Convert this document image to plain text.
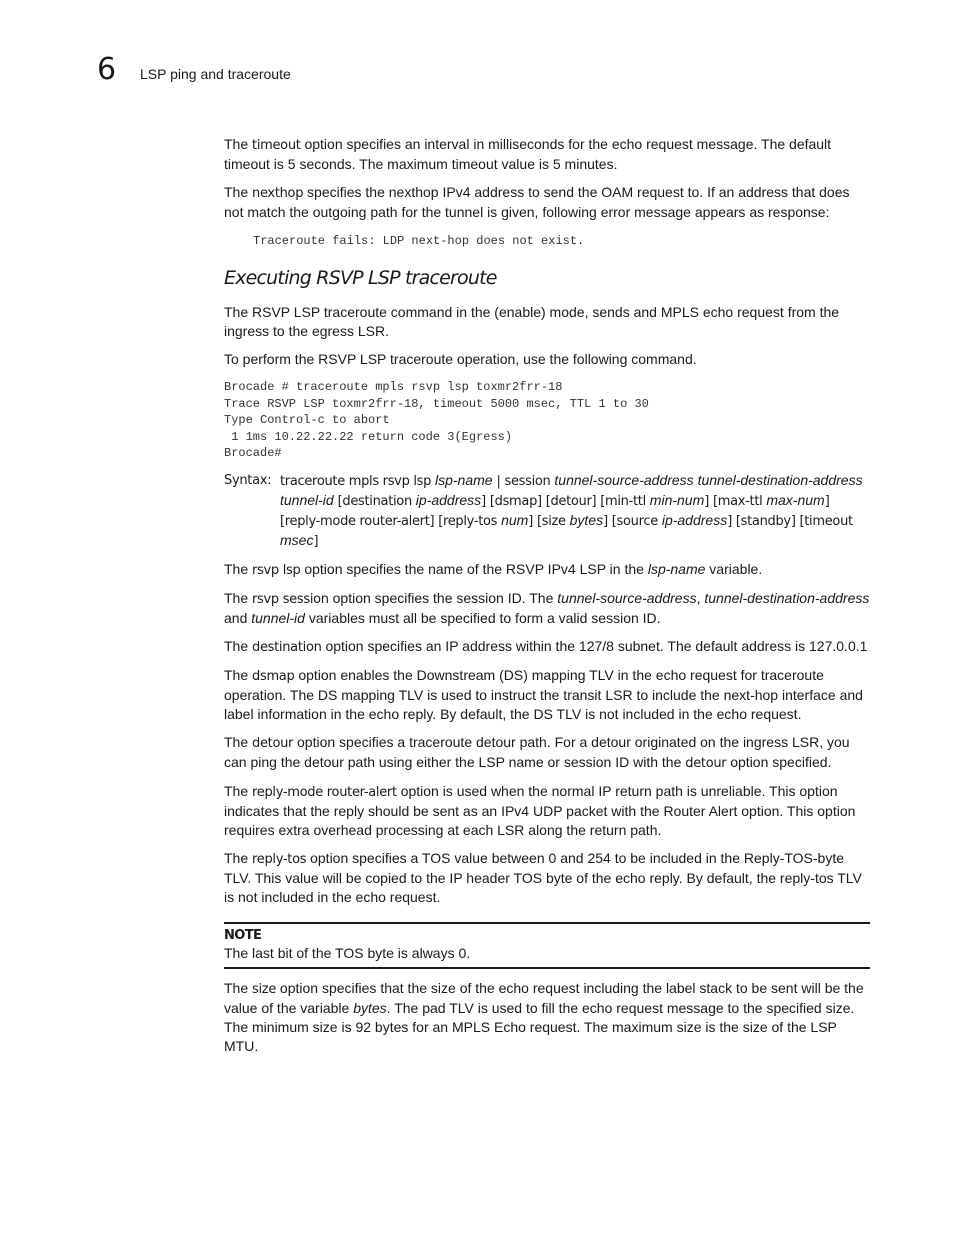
6 LSP ping and traceroute

The timeout option specifies an interval in milliseconds for the echo request message. The default timeout is 5 seconds. The maximum timeout value is 5 minutes.

The nexthop specifies the nexthop IPv4 address to send the OAM request to. If an address that does not match the outgoing path for the tunnel is given, following error message appears as response:

Traceroute fails: LDP next-hop does not exist.
Executing RSVP LSP traceroute

The RSVP LSP traceroute command in the (enable) mode, sends and MPLS echo request from the ingress to the egress LSR.

To perform the RSVP LSP traceroute operation, use the following command.

Brocade # traceroute mpls rsvp lsp toxmr2frr-18
Trace RSVP LSP toxmr2frr-18, timeout 5000 msec, TTL 1 to 30
Type Control-c to abort
1 1ms 10.22.22.22 return code 3(Egress)
Brocade#
Syntax: traceroute mpls rsvp lsp lsp-name | session tunnel-source-address tunnel-destination-address tunnel-id [destination ip-address] [dsmap] [detour] [min-ttl min-num] [max-ttl max-num] [reply-mode router-alert] [reply-tos num] [size bytes] [source ip-address] [standby] [timeout msec]

The rsvp lsp option specifies the name of the RSVP IPv4 LSP in the lsp-name variable.

The rsvp session option specifies the session ID. The tunnel-source-address, tunnel-destination-address and tunnel-id variables must all be specified to form a valid session ID.

The destination option specifies an IP address within the 127/8 subnet. The default address is 127.0.0.1

The dsmap option enables the Downstream (DS) mapping TLV in the echo request for traceroute operation. The DS mapping TLV is used to instruct the transit LSR to include the next-hop interface and label information in the echo reply. By default, the DS TLV is not included in the echo request.

The detour option specifies a traceroute detour path. For a detour originated on the ingress LSR, you can ping the detour path using either the LSP name or session ID with the detour option specified.

The reply-mode router-alert option is used when the normal IP return path is unreliable. This option indicates that the reply should be sent as an IPv4 UDP packet with the Router Alert option. This option requires extra overhead processing at each LSR along the return path.

The reply-tos option specifies a TOS value between 0 and 254 to be included in the Reply-TOS-byte TLV. This value will be copied to the IP header TOS byte of the echo reply. By default, the reply-tos TLV is not included in the echo request.

NOTE

The last bit of the TOS byte is always 0.

The size option specifies that the size of the echo request including the label stack to be sent will be the value of the variable bytes. The pad TLV is used to fill the echo request message to the specified size. The minimum size is 92 bytes for an MPLS Echo request. The maximum size is the size of the LSP MTU.
